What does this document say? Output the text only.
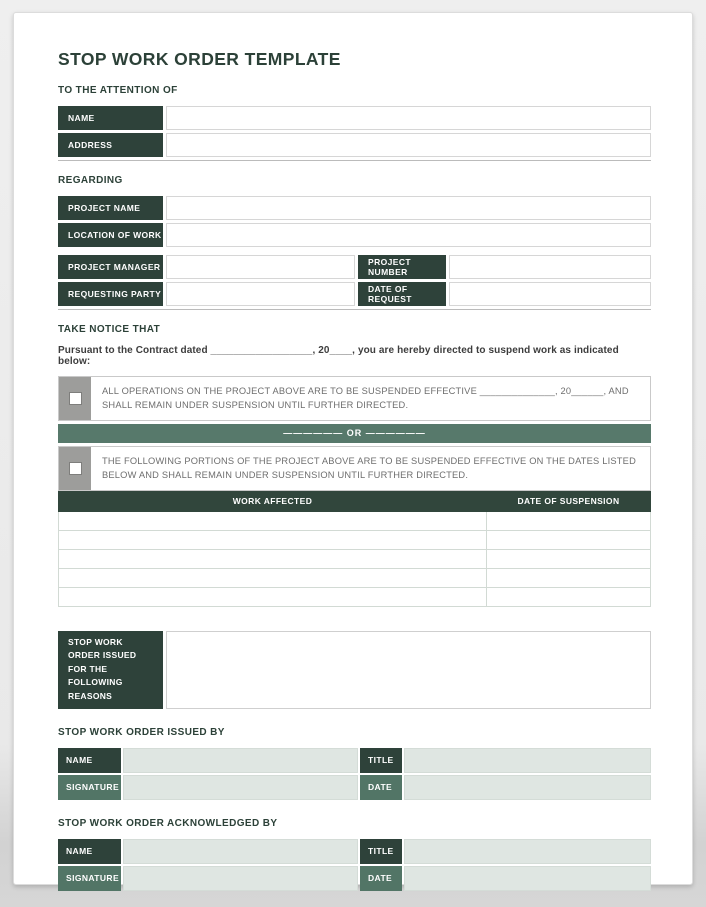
STOP WORK ORDER TEMPLATE
TO THE ATTENTION OF
NAME
ADDRESS
REGARDING
PROJECT NAME
LOCATION OF WORK
PROJECT MANAGER	PROJECT NUMBER
REQUESTING PARTY	DATE OF REQUEST
TAKE NOTICE THAT

Pursuant to the Contract dated __________________, 20____, you are hereby directed to suspend work as indicated below:

ALL OPERATIONS ON THE PROJECT ABOVE ARE TO BE SUSPENDED EFFECTIVE ______________, 20______, AND SHALL REMAIN UNDER SUSPENSION UNTIL FURTHER DIRECTED.
—————— OR ——————
THE FOLLOWING PORTIONS OF THE PROJECT ABOVE ARE TO BE SUSPENDED EFFECTIVE ON THE DATES LISTED BELOW AND SHALL REMAIN UNDER SUSPENSION UNTIL FURTHER DIRECTED.
WORK AFFECTED	DATE OF SUSPENSION

STOP WORK ORDER ISSUED FOR THE FOLLOWING REASONS
STOP WORK ORDER ISSUED BY
NAME	TITLE
SIGNATURE	DATE
STOP WORK ORDER ACKNOWLEDGED BY
NAME	TITLE
SIGNATURE	DATE
